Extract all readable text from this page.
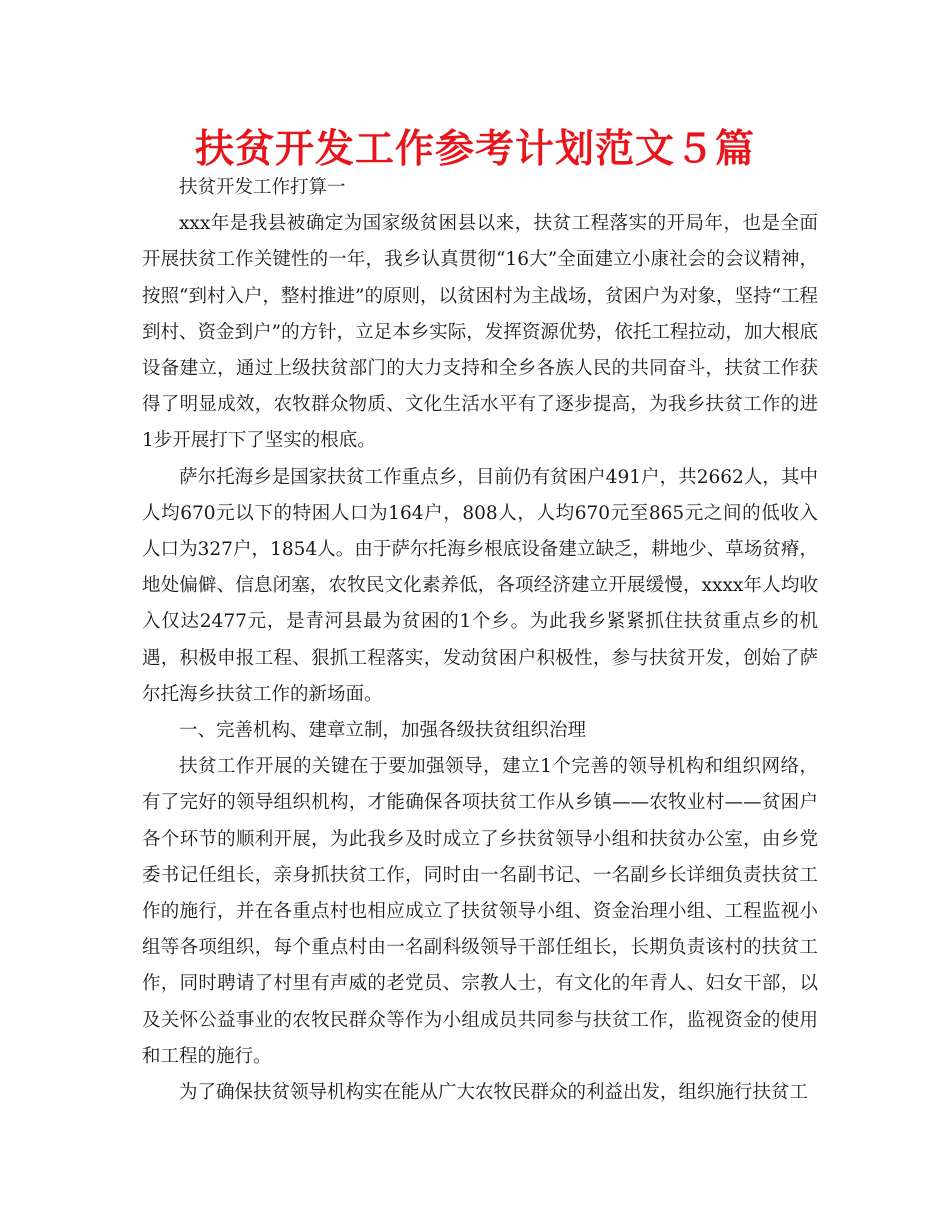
扶贫开发工作参考计划范文５篇

扶贫开发工作打算一

xxx年是我县被确定为国家级贫困县以来，扶贫工程落实的开局年，也是全面开展扶贫工作关键性的一年，我乡认真贯彻“16大”全面建立小康社会的会议精神，按照“到村入户，整村推进”的原则，以贫困村为主战场，贫困户为对象，坚持“工程到村、资金到户”的方针，立足本乡实际，发挥资源优势，依托工程拉动，加大根底设备建立，通过上级扶贫部门的大力支持和全乡各族人民的共同奋斗，扶贫工作获得了明显成效，农牧群众物质、文化生活水平有了逐步提高，为我乡扶贫工作的进1步开展打下了坚实的根底。

萨尔托海乡是国家扶贫工作重点乡，目前仍有贫困户491户，共2662人，其中人均670元以下的特困人口为164户，808人，人均670元至865元之间的低收入人口为327户，1854人。由于萨尔托海乡根底设备建立缺乏，耕地少、草场贫瘠，地处偏僻、信息闭塞，农牧民文化素养低，各项经济建立开展缓慢，xxxx年人均收入仅达2477元，是青河县最为贫困的1个乡。为此我乡紧紧抓住扶贫重点乡的机遇，积极申报工程、狠抓工程落实，发动贫困户积极性，参与扶贫开发，创始了萨尔托海乡扶贫工作的新场面。

一、完善机构、建章立制，加强各级扶贫组织治理

扶贫工作开展的关键在于要加强领导，建立1个完善的领导机构和组织网络，有了完好的领导组织机构，才能确保各项扶贫工作从乡镇——农牧业村——贫困户各个环节的顺利开展，为此我乡及时成立了乡扶贫领导小组和扶贫办公室，由乡党委书记任组长，亲身抓扶贫工作，同时由一名副书记、一名副乡长详细负责扶贫工作的施行，并在各重点村也相应成立了扶贫领导小组、资金治理小组、工程监视小组等各项组织，每个重点村由一名副科级领导干部任组长，长期负责该村的扶贫工作，同时聘请了村里有声威的老党员、宗教人士，有文化的年青人、妇女干部，以及关怀公益事业的农牧民群众等作为小组成员共同参与扶贫工作，监视资金的使用和工程的施行。

为了确保扶贫领导机构实在能从广大农牧民群众的利益出发，组织施行扶贫工
